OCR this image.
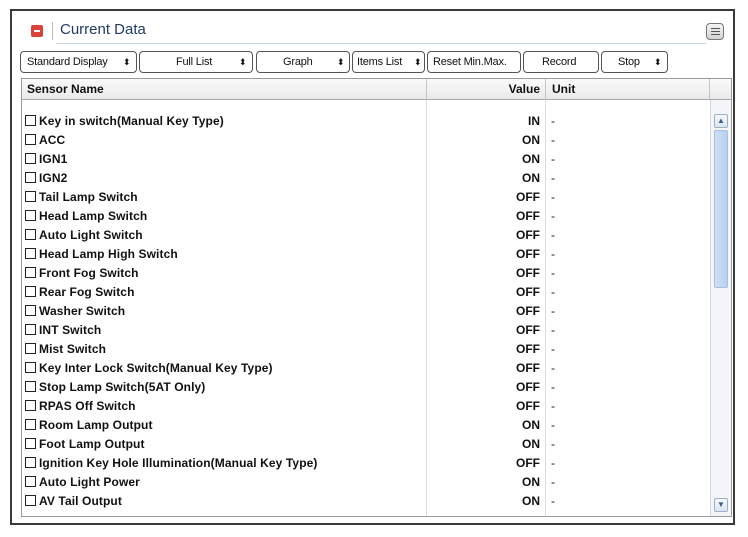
Current Data
Standard Display ⬍	Full List	⬍	Graph	⬍ Items List ⬍ Reset Min.Max.	Record	Stop ⬍
Sensor Name	Value	Unit
Key in switch(Manual Key Type)	IN -
ACC	ON -
IGN1	ON -
IGN2	ON -
Tail Lamp Switch	OFF -
Head Lamp Switch	OFF -
Auto Light Switch	OFF -
Head Lamp High Switch	OFF -
Front Fog Switch	OFF -
Rear Fog Switch	OFF -
Washer Switch	OFF -
INT Switch	OFF -
Mist Switch	OFF -
Key Inter Lock Switch(Manual Key Type)	OFF -
Stop Lamp Switch(5AT Only)	OFF -
RPAS Off Switch	OFF -
Room Lamp Output	ON -
Foot Lamp Output	ON -
Ignition Key Hole Illumination(Manual Key Type)	OFF -
Auto Light Power	ON -
AV Tail Output	ON -
▲
▼
